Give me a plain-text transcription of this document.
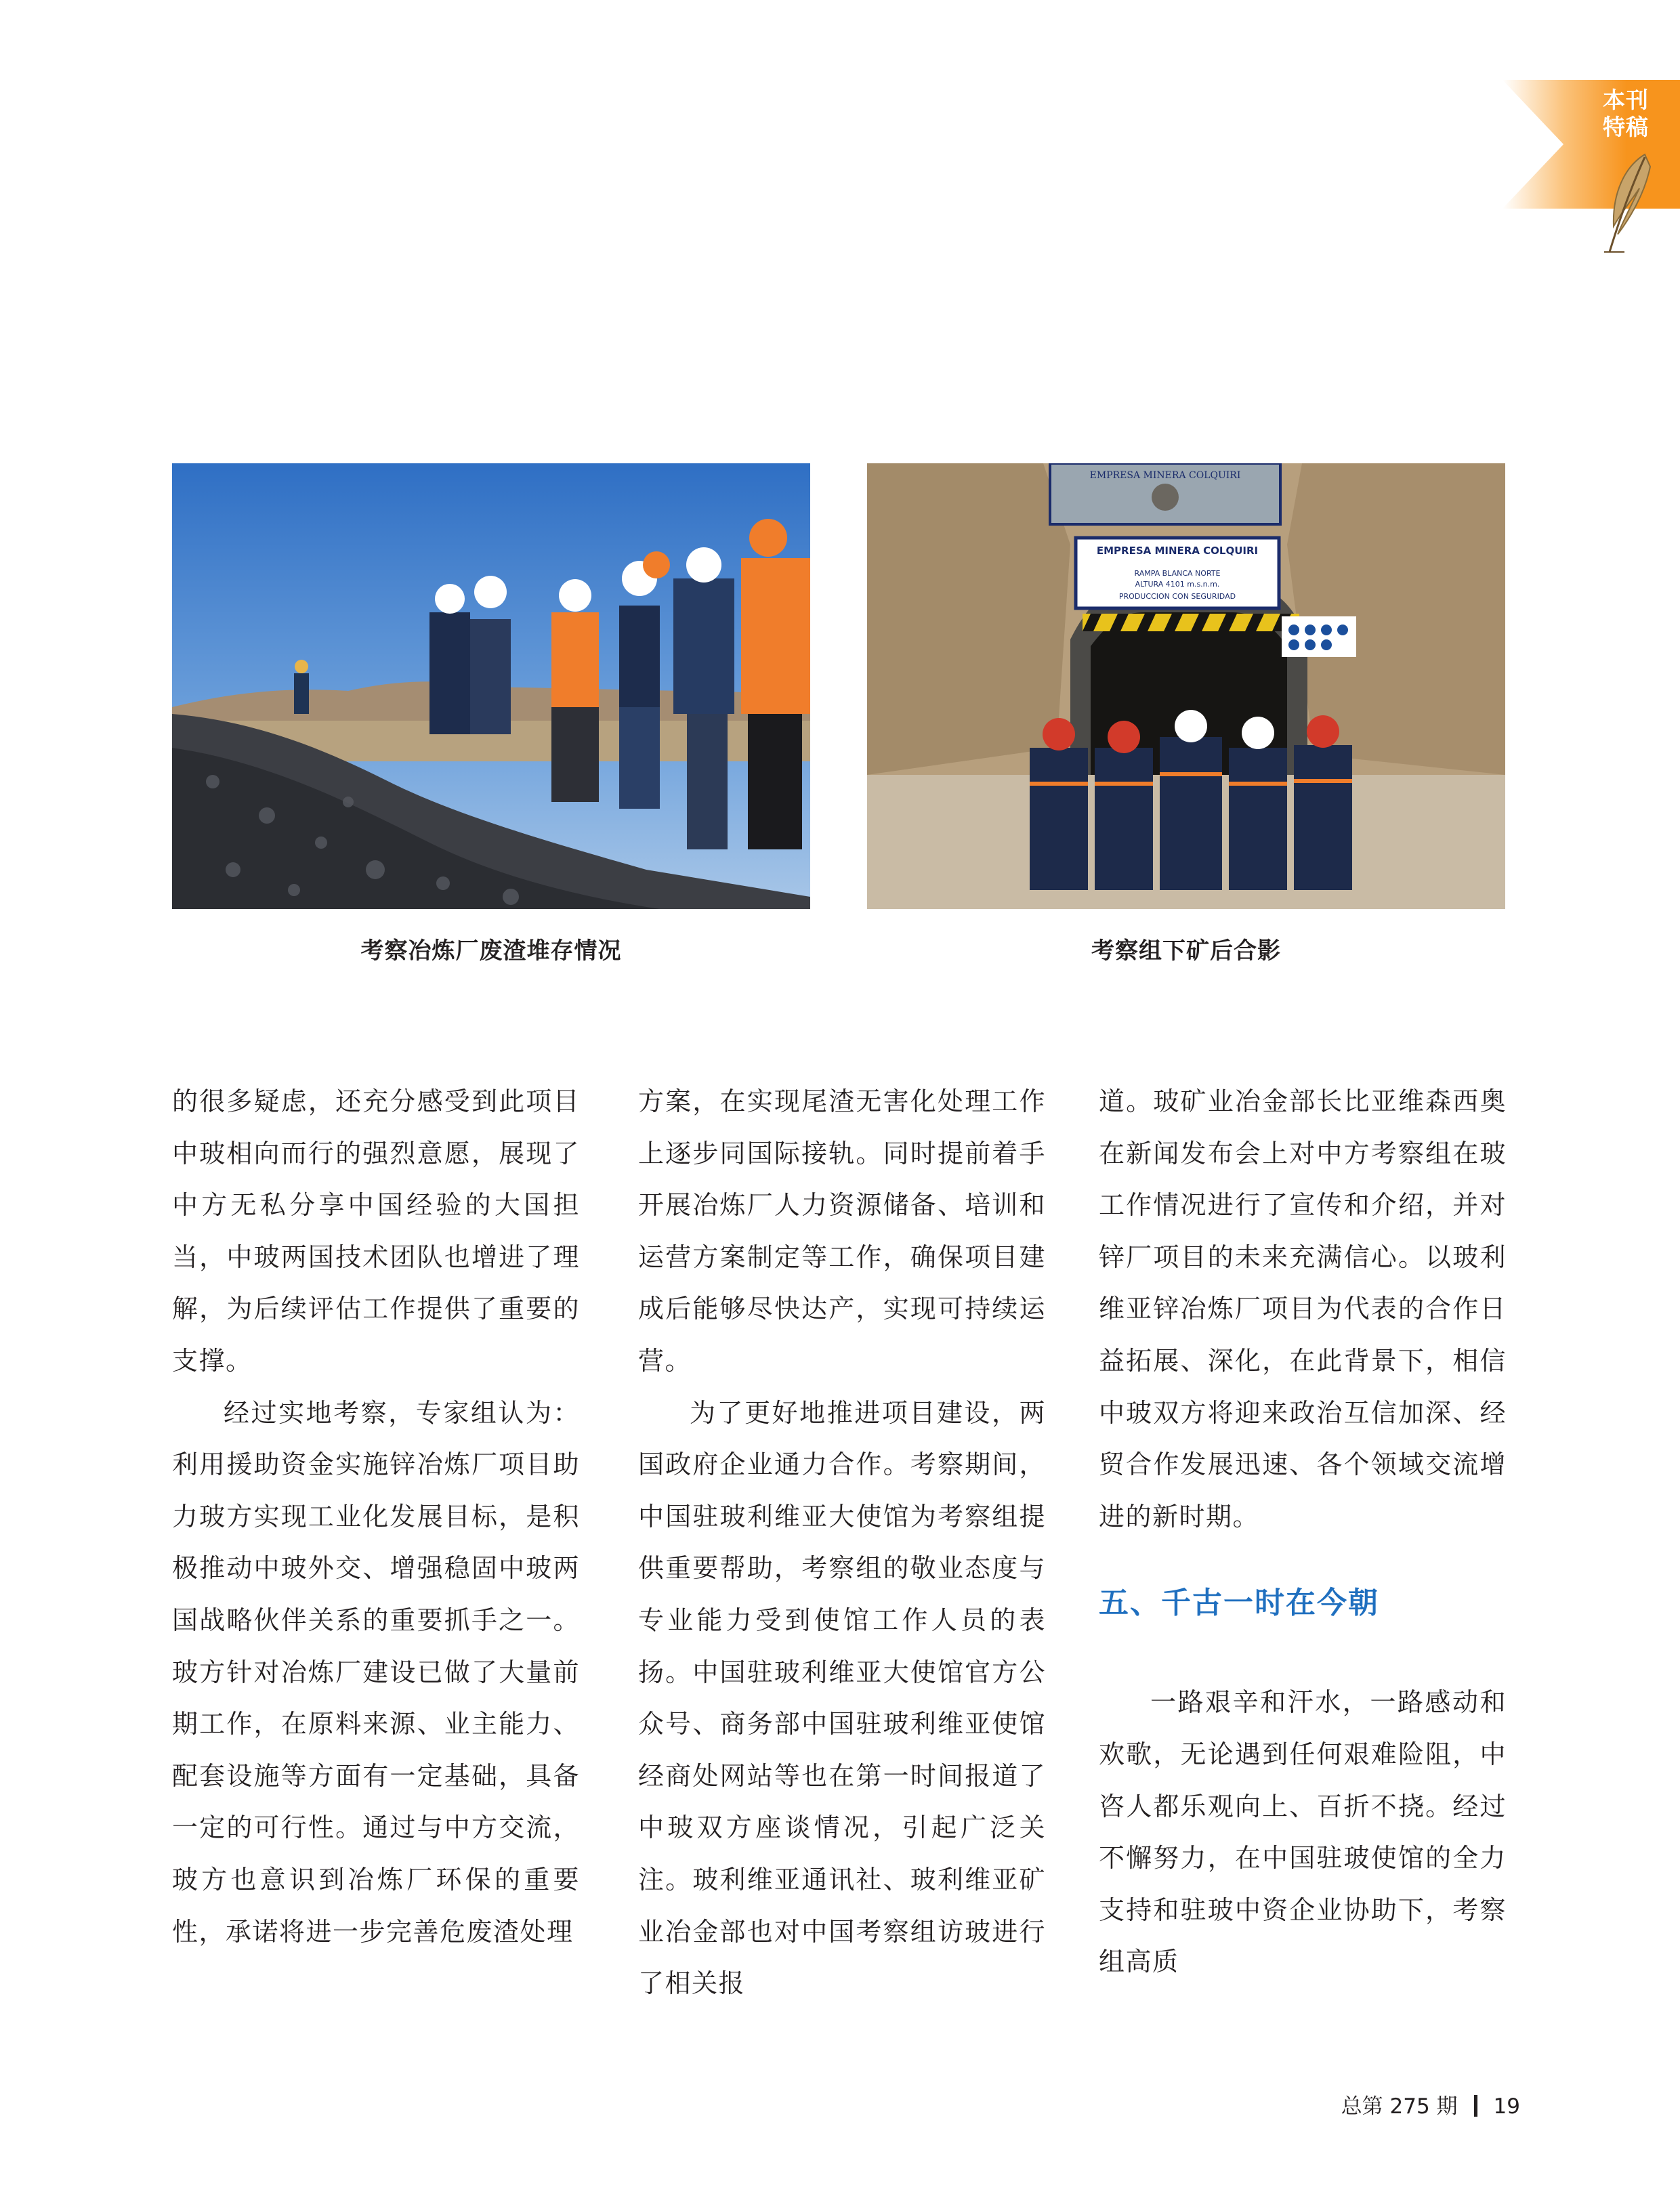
本刊
特稿
考察冶炼厂废渣堆存情况
EMPRESA MINERA COLQUIRI
EMPRESA MINERA COLQUIRI
RAMPA BLANCA NORTE
ALTURA 4101 m.s.n.m.
PRODUCCION CON SEGURIDAD
考察组下矿后合影

的很多疑虑，还充分感受到此项目中玻相向而行的强烈意愿，展现了中方无私分享中国经验的大国担当，中玻两国技术团队也增进了理解，为后续评估工作提供了重要的支撑。

经过实地考察，专家组认为：利用援助资金实施锌冶炼厂项目助力玻方实现工业化发展目标，是积极推动中玻外交、增强稳固中玻两国战略伙伴关系的重要抓手之一。玻方针对冶炼厂建设已做了大量前期工作，在原料来源、业主能力、配套设施等方面有一定基础，具备一定的可行性。通过与中方交流，玻方也意识到冶炼厂环保的重要性，承诺将进一步完善危废渣处理

方案，在实现尾渣无害化处理工作上逐步同国际接轨。同时提前着手开展冶炼厂人力资源储备、培训和运营方案制定等工作，确保项目建成后能够尽快达产，实现可持续运营。

为了更好地推进项目建设，两国政府企业通力合作。考察期间，中国驻玻利维亚大使馆为考察组提供重要帮助，考察组的敬业态度与专业能力受到使馆工作人员的表扬。中国驻玻利维亚大使馆官方公众号、商务部中国驻玻利维亚使馆经商处网站等也在第一时间报道了中玻双方座谈情况，引起广泛关注。玻利维亚通讯社、玻利维亚矿业冶金部也对中国考察组访玻进行了相关报

道。玻矿业冶金部长比亚维森西奥在新闻发布会上对中方考察组在玻工作情况进行了宣传和介绍，并对锌厂项目的未来充满信心。以玻利维亚锌冶炼厂项目为代表的合作日益拓展、深化，在此背景下，相信中玻双方将迎来政治互信加深、经贸合作发展迅速、各个领域交流增进的新时期。

五、千古一时在今朝

一路艰辛和汗水，一路感动和欢歌，无论遇到任何艰难险阻，中咨人都乐观向上、百折不挠。经过不懈努力，在中国驻玻使馆的全力支持和驻玻中资企业协助下，考察组高质

总第 275 期 19
